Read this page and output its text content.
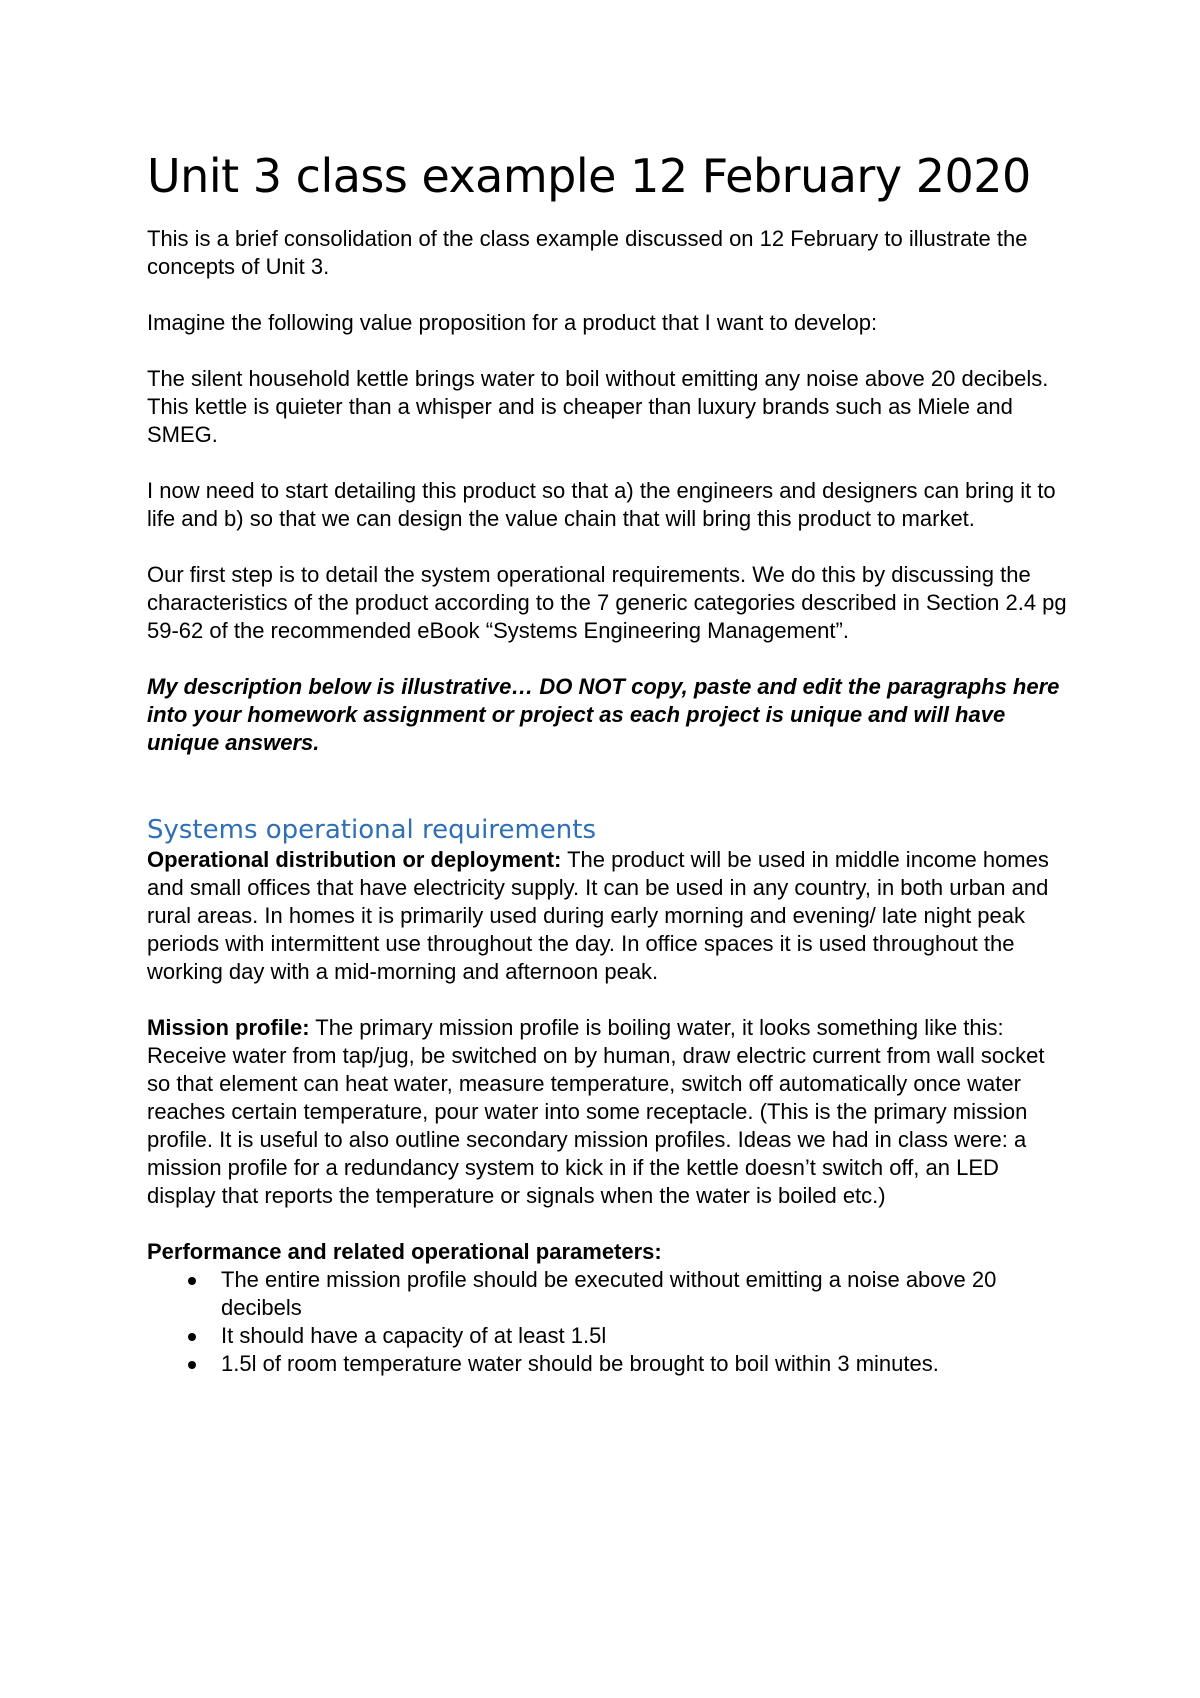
Unit 3 class example 12 February 2020

This is a brief consolidation of the class example discussed on 12 February to illustrate the concepts of Unit 3.

Imagine the following value proposition for a product that I want to develop:

The silent household kettle brings water to boil without emitting any noise above 20 decibels. This kettle is quieter than a whisper and is cheaper than luxury brands such as Miele and SMEG.

I now need to start detailing this product so that a) the engineers and designers can bring it to life and b) so that we can design the value chain that will bring this product to market.

Our first step is to detail the system operational requirements. We do this by discussing the characteristics of the product according to the 7 generic categories described in Section 2.4 pg 59-62 of the recommended eBook “Systems Engineering Management”.

My description below is illustrative… DO NOT copy, paste and edit the paragraphs here into your homework assignment or project as each project is unique and will have unique answers.

Systems operational requirements

Operational distribution or deployment: The product will be used in middle income homes and small offices that have electricity supply. It can be used in any country, in both urban and rural areas. In homes it is primarily used during early morning and evening/ late night peak periods with intermittent use throughout the day. In office spaces it is used throughout the working day with a mid-morning and afternoon peak.

Mission profile: The primary mission profile is boiling water, it looks something like this: Receive water from tap/jug, be switched on by human, draw electric current from wall socket so that element can heat water, measure temperature, switch off automatically once water reaches certain temperature, pour water into some receptacle. (This is the primary mission profile. It is useful to also outline secondary mission profiles. Ideas we had in class were: a mission profile for a redundancy system to kick in if the kettle doesn’t switch off, an LED display that reports the temperature or signals when the water is boiled etc.)

Performance and related operational parameters:

The entire mission profile should be executed without emitting a noise above 20 decibels
It should have a capacity of at least 1.5l
1.5l of room temperature water should be brought to boil within 3 minutes.
